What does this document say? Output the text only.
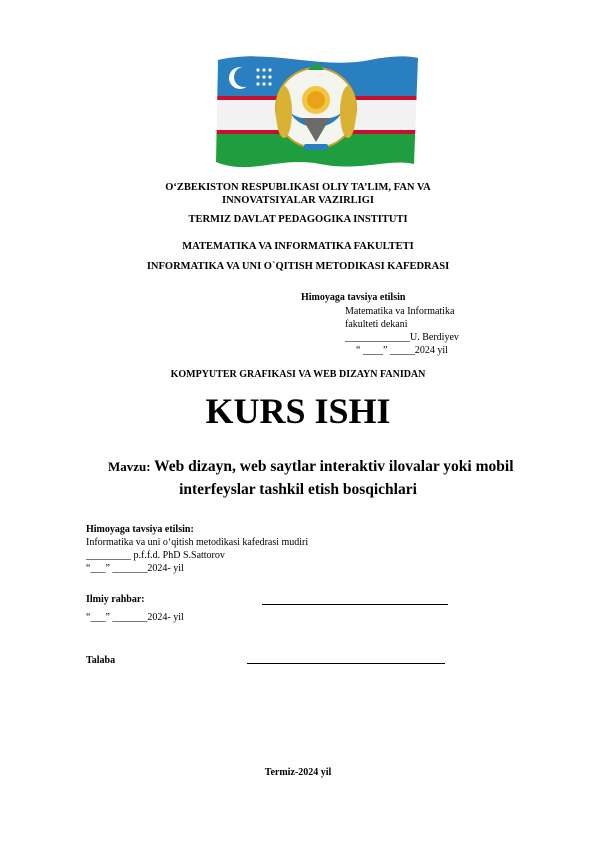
O‘ZBEKISTON RESPUBLIKASI OLIY TA’LIM, FAN VA
INNOVATSIYALAR VAZIRLIGI
TERMIZ DAVLAT PEDAGOGIKA INSTITUTI
MATEMATIKA VA INFORMATIKA FAKULTETI
INFORMATIKA VA UNI O`QITISH METODIKASI KAFEDRASI
Himoyaga tavsiya etilsin
Matematika va Informatika
fakulteti dekani
_____________U. Berdiyev
“ ____” _____2024 yil
KOMPYUTER GRAFIKASI VA WEB DIZAYN FANIDAN
KURS ISHI
Mavzu: Web dizayn, web saytlar interaktiv ilovalar yoki mobil
interfeyslar tashkil etish bosqichlari
Himoyaga tavsiya etilsin:
Informatika va uni o‘qitish metodikasi kafedrasi mudiri
_________ p.f.f.d. PhD S.Sattorov
“___” _______2024- yil
Ilmiy rahbar:
“___” _______2024- yil
Talaba
Termiz-2024 yil
